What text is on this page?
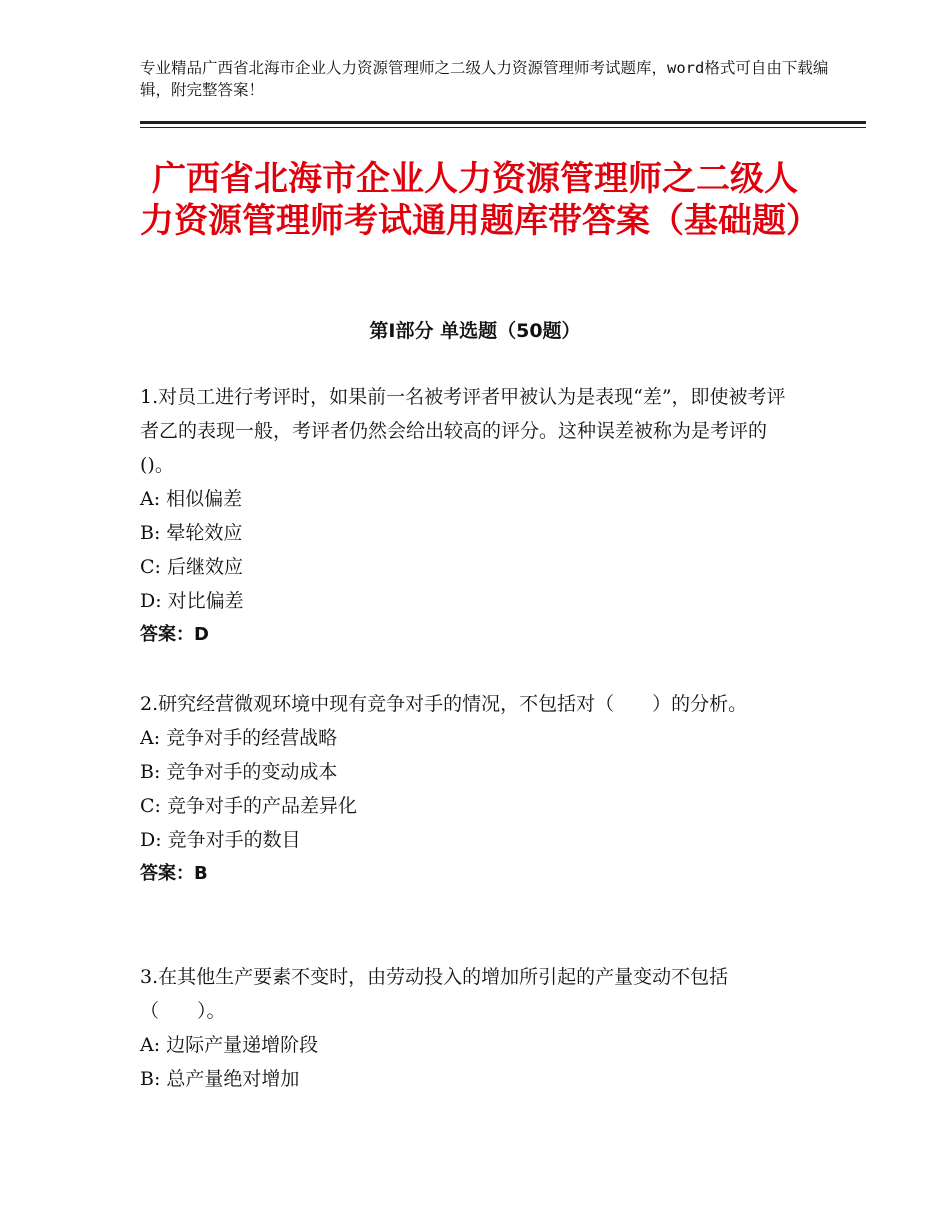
专业精品广西省北海市企业人力资源管理师之二级人力资源管理师考试题库，word格式可自由下载编辑，附完整答案！
广西省北海市企业人力资源管理师之二级人力资源管理师考试通用题库带答案（基础题）
第Ⅰ部分 单选题（50题）

1.对员工进行考评时，如果前一名被考评者甲被认为是表现“差”，即使被考评者乙的表现一般，考评者仍然会给出较高的评分。这种误差被称为是考评的()。

A: 相似偏差

B: 晕轮效应

C: 后继效应

D: 对比偏差

答案：D

2.研究经营微观环境中现有竞争对手的情况，不包括对（　　）的分析。

A: 竞争对手的经营战略

B: 竞争对手的变动成本

C: 竞争对手的产品差异化

D: 竞争对手的数目

答案：B

3.在其他生产要素不变时，由劳动投入的增加所引起的产量变动不包括（　　）。

A: 边际产量递增阶段

B: 总产量绝对增加
